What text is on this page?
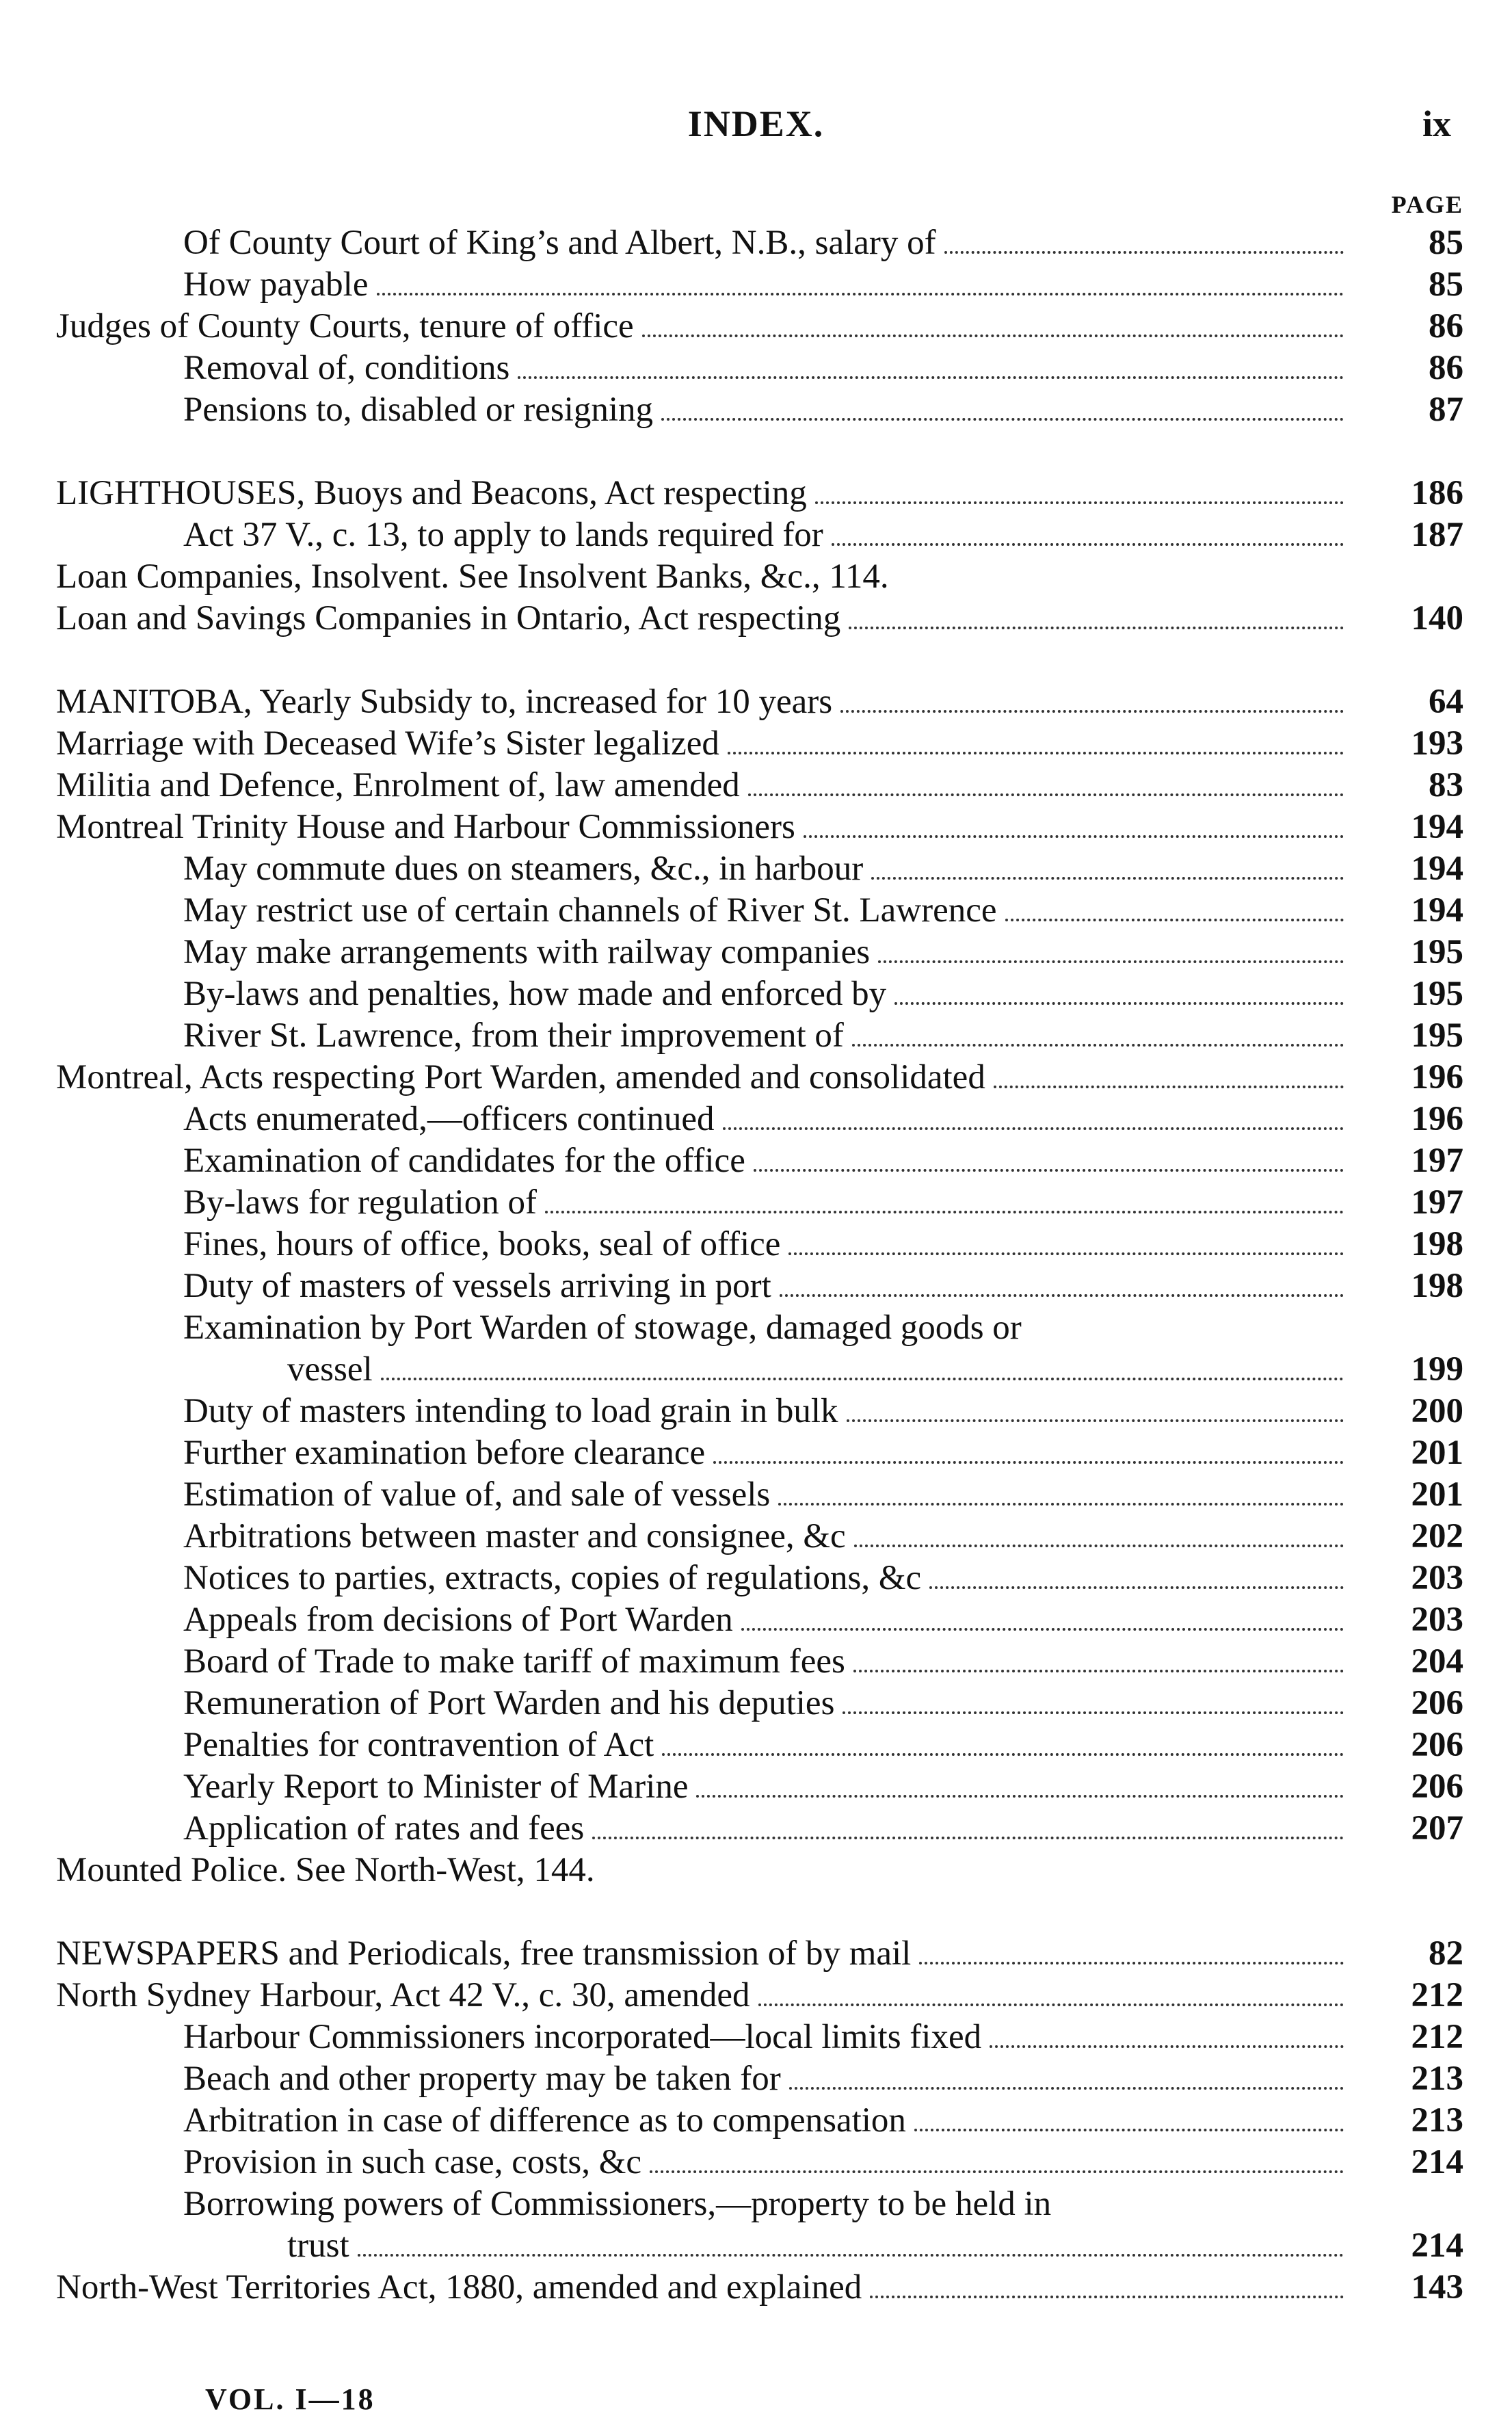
INDEX.	ix
PAGE
Of County Court of King’s and Albert, N.B., salary of	85
How payable	85
Judges of County Courts, tenure of office	86
Removal of, conditions	86
Pensions to, disabled or resigning	87
LIGHTHOUSES, Buoys and Beacons, Act respecting	186
Act 37 V., c. 13, to apply to lands required for	187
Loan Companies, Insolvent. See Insolvent Banks, &c., 114.
Loan and Savings Companies in Ontario, Act respecting	140
MANITOBA, Yearly Subsidy to, increased for 10 years	64
Marriage with Deceased Wife’s Sister legalized	193
Militia and Defence, Enrolment of, law amended	83
Montreal Trinity House and Harbour Commissioners	194
May commute dues on steamers, &c., in harbour	194
May restrict use of certain channels of River St. Lawrence	194
May make arrangements with railway companies	195
By-laws and penalties, how made and enforced by	195
River St. Lawrence, from their improvement of	195
Montreal, Acts respecting Port Warden, amended and consolidated	196
Acts enumerated,—officers continued	196
Examination of candidates for the office	197
By-laws for regulation of	197
Fines, hours of office, books, seal of office	198
Duty of masters of vessels arriving in port	198
Examination by Port Warden of stowage, damaged goods or
vessel	199
Duty of masters intending to load grain in bulk	200
Further examination before clearance	201
Estimation of value of, and sale of vessels	201
Arbitrations between master and consignee, &c	202
Notices to parties, extracts, copies of regulations, &c	203
Appeals from decisions of Port Warden	203
Board of Trade to make tariff of maximum fees	204
Remuneration of Port Warden and his deputies	206
Penalties for contravention of Act	206
Yearly Report to Minister of Marine	206
Application of rates and fees	207
Mounted Police. See North-West, 144.
NEWSPAPERS and Periodicals, free transmission of by mail	82
North Sydney Harbour, Act 42 V., c. 30, amended	212
Harbour Commissioners incorporated—local limits fixed	212
Beach and other property may be taken for	213
Arbitration in case of difference as to compensation	213
Provision in such case, costs, &c	214
Borrowing powers of Commissioners,—property to be held in
trust	214
North-West Territories Act, 1880, amended and explained	143
VOL. I—18
